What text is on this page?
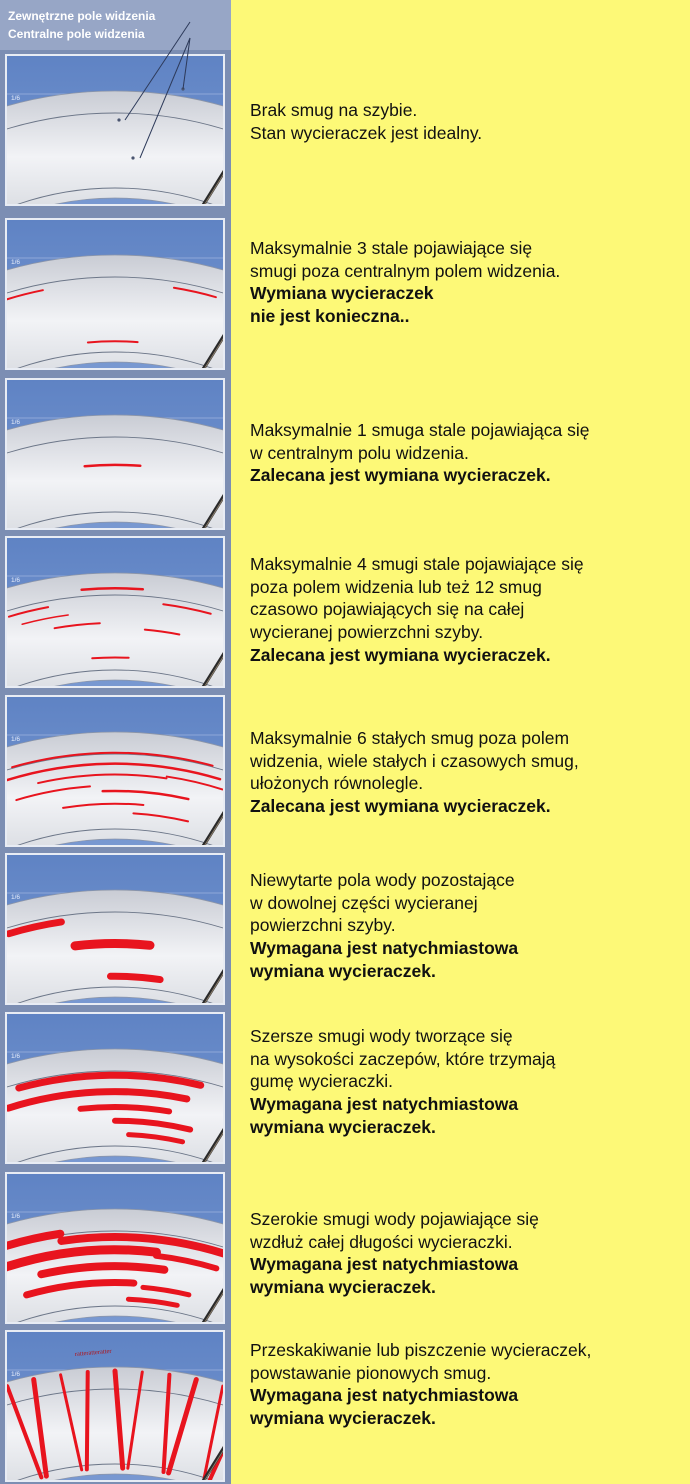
Zewnętrzne pole widzenia
Centralne pole widzenia
1/6
1/6
1/6
1/6
1/6
1/6
1/6
1/6
1/6
ratteratteratter
Brak smug na szybie.
Stan wycieraczek jest idealny.
Maksymalnie 3 stale pojawiające się
smugi poza centralnym polem widzenia.
Wymiana wycieraczek
nie jest konieczna..
Maksymalnie 1 smuga stale pojawiająca się
w centralnym polu widzenia.
Zalecana jest wymiana wycieraczek.
Maksymalnie 4 smugi stale pojawiające się
poza polem widzenia lub też 12 smug
czasowo pojawiających się na całej
wycieranej powierzchni szyby.
Zalecana jest wymiana wycieraczek.
Maksymalnie 6 stałych smug poza polem
widzenia, wiele stałych i czasowych smug,
ułożonych równolegle.
Zalecana jest wymiana wycieraczek.
Niewytarte pola wody pozostające
w dowolnej części wycieranej
powierzchni szyby.
Wymagana jest natychmiastowa
wymiana wycieraczek.
Szersze smugi wody tworzące się
na wysokości zaczepów, które trzymają
gumę wycieraczki.
Wymagana jest natychmiastowa
wymiana wycieraczek.
Szerokie smugi wody pojawiające się
wzdłuż całej długości wycieraczki.
Wymagana jest natychmiastowa
wymiana wycieraczek.
Przeskakiwanie lub piszczenie wycieraczek,
powstawanie pionowych smug.
Wymagana jest natychmiastowa
wymiana wycieraczek.
